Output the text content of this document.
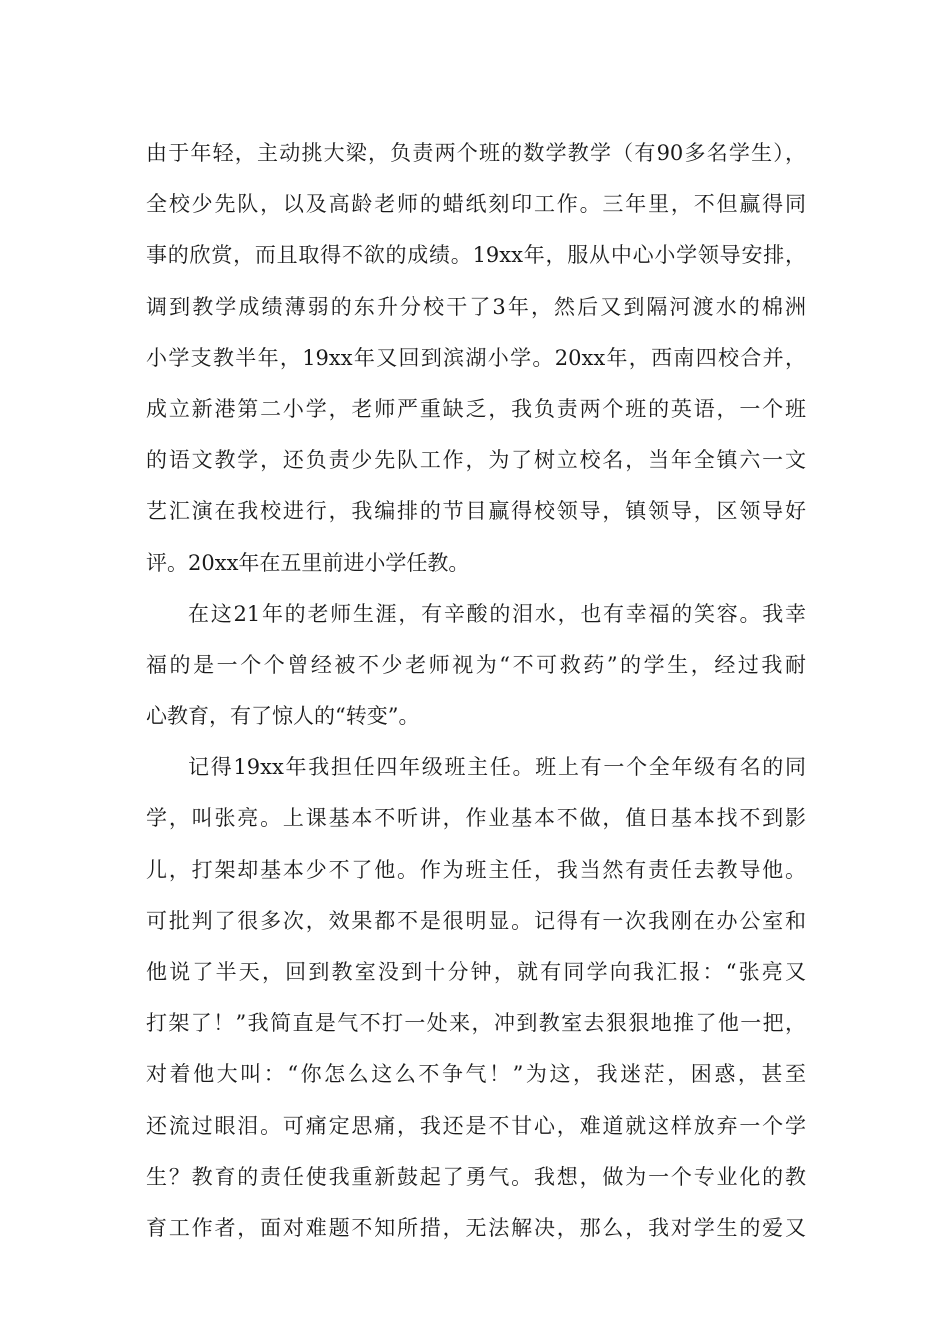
由于年轻，主动挑大梁，负责两个班的数学教学（有90多名学生），
全校少先队，以及高龄老师的蜡纸刻印工作。三年里，不但赢得同
事的欣赏，而且取得不欲的成绩。19xx年，服从中心小学领导安排，
调到教学成绩薄弱的东升分校干了3年，然后又到隔河渡水的棉洲
小学支教半年，19xx年又回到滨湖小学。20xx年，西南四校合并，
成立新港第二小学，老师严重缺乏，我负责两个班的英语，一个班
的语文教学，还负责少先队工作，为了树立校名，当年全镇六一文
艺汇演在我校进行，我编排的节目赢得校领导，镇领导，区领导好
评。20xx年在五里前进小学任教。
在这21年的老师生涯，有辛酸的泪水，也有幸福的笑容。我幸
福的是一个个曾经被不少老师视为“不可救药”的学生，经过我耐
心教育，有了惊人的“转变”。
记得19xx年我担任四年级班主任。班上有一个全年级有名的同
学，叫张亮。上课基本不听讲，作业基本不做，值日基本找不到影
儿，打架却基本少不了他。作为班主任，我当然有责任去教导他。
可批判了很多次，效果都不是很明显。记得有一次我刚在办公室和
他说了半天，回到教室没到十分钟，就有同学向我汇报：“张亮又
打架了！”我简直是气不打一处来，冲到教室去狠狠地推了他一把，
对着他大叫：“你怎么这么不争气！”为这，我迷茫，困惑，甚至
还流过眼泪。可痛定思痛，我还是不甘心，难道就这样放弃一个学
生？教育的责任使我重新鼓起了勇气。我想，做为一个专业化的教
育工作者，面对难题不知所措，无法解决，那么，我对学生的爱又
